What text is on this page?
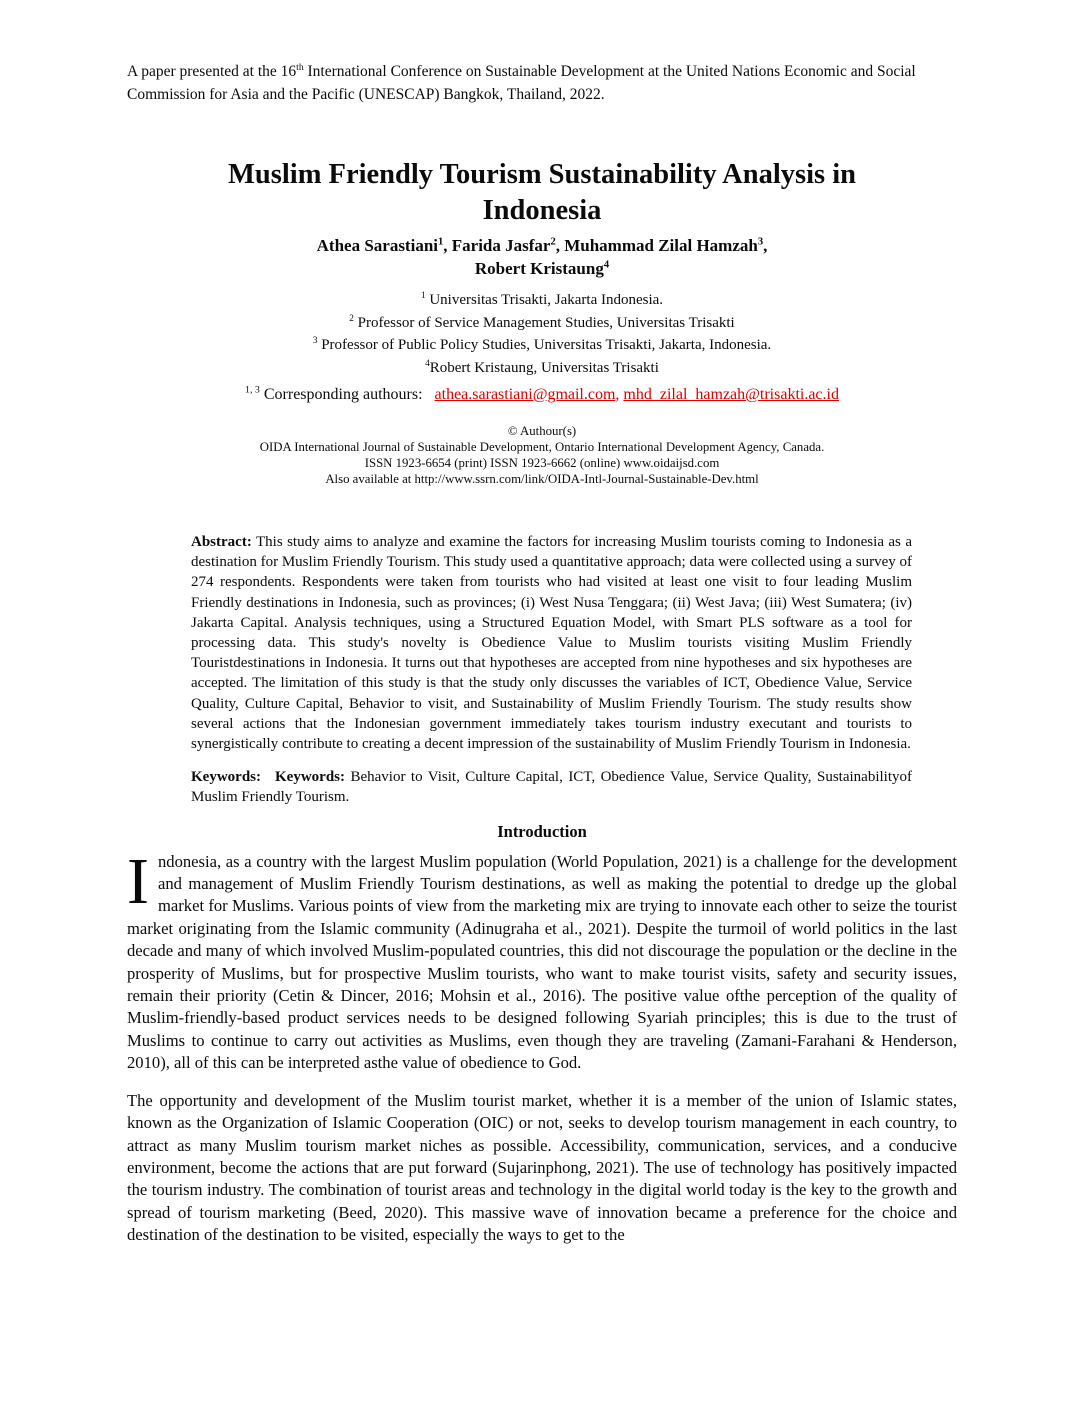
A paper presented at the 16th International Conference on Sustainable Development at the United Nations Economic and Social Commission for Asia and the Pacific (UNESCAP) Bangkok, Thailand, 2022.

Muslim Friendly Tourism Sustainability Analysis in
Indonesia
Athea Sarastiani$^1$, Farida Jasfar$^2$, Muhammad Zilal Hamzah$^3$,
Robert Kristaung$^4$
$^1$ Universitas Trisakti, Jakarta Indonesia.
$^2$ Professor of Service Management Studies, Universitas Trisakti
$^3$ Professor of Public Policy Studies, Universitas Trisakti, Jakarta, Indonesia.
$^4$Robert Kristaung, Universitas Trisakti
$^{1, 3}$ Corresponding authours: athea.sarastiani@gmail.com, mhd_zilal_hamzah@trisakti.ac.id
© Authour(s)
OIDA International Journal of Sustainable Development, Ontario International Development Agency, Canada.
ISSN 1923-6654 (print) ISSN 1923-6662 (online) www.oidaijsd.com
Also available at http://www.ssrn.com/link/OIDA-Intl-Journal-Sustainable-Dev.html

Abstract: This study aims to analyze and examine the factors for increasing Muslim tourists coming to Indonesia as a destination for Muslim Friendly Tourism. This study used a quantitative approach; data were collected using a survey of 274 respondents. Respondents were taken from tourists who had visited at least one visit to four leading Muslim Friendly destinations in Indonesia, such as provinces; (i) West Nusa Tenggara; (ii) West Java; (iii) West Sumatera; (iv) Jakarta Capital. Analysis techniques, using a Structured Equation Model, with Smart PLS software as a tool for processing data. This study's novelty is Obedience Value to Muslim tourists visiting Muslim Friendly Touristdestinations in Indonesia. It turns out that hypotheses are accepted from nine hypotheses and six hypotheses are accepted. The limitation of this study is that the study only discusses the variables of ICT, Obedience Value, Service Quality, Culture Capital, Behavior to visit, and Sustainability of Muslim Friendly Tourism. The study results show several actions that the Indonesian government immediately takes tourism industry executant and tourists to synergistically contribute to creating a decent impression of the sustainability of Muslim Friendly Tourism in Indonesia.

Keywords: Keywords: Behavior to Visit, Culture Capital, ICT, Obedience Value, Service Quality, Sustainabilityof Muslim Friendly Tourism.

Introduction

Indonesia, as a country with the largest Muslim population (World Population, 2021) is a challenge for the development and management of Muslim Friendly Tourism destinations, as well as making the potential to dredge up the global market for Muslims. Various points of view from the marketing mix are trying to innovate each other to seize the tourist market originating from the Islamic community (Adinugraha et al., 2021). Despite the turmoil of world politics in the last decade and many of which involved Muslim-populated countries, this did not discourage the population or the decline in the prosperity of Muslims, but for prospective Muslim tourists, who want to make tourist visits, safety and security issues, remain their priority (Cetin & Dincer, 2016; Mohsin et al., 2016). The positive value ofthe perception of the quality of Muslim-friendly-based product services needs to be designed following Syariah principles; this is due to the trust of Muslims to continue to carry out activities as Muslims, even though they are traveling (Zamani-Farahani & Henderson, 2010), all of this can be interpreted asthe value of obedience to God.

The opportunity and development of the Muslim tourist market, whether it is a member of the union of Islamic states, known as the Organization of Islamic Cooperation (OIC) or not, seeks to develop tourism management in each country, to attract as many Muslim tourism market niches as possible. Accessibility, communication, services, and a conducive environment, become the actions that are put forward (Sujarinphong, 2021). The use of technology has positively impacted the tourism industry. The combination of tourist areas and technology in the digital world today is the key to the growth and spread of tourism marketing (Beed, 2020). This massive wave of innovation became a preference for the choice and destination of the destination to be visited, especially the ways to get to the
